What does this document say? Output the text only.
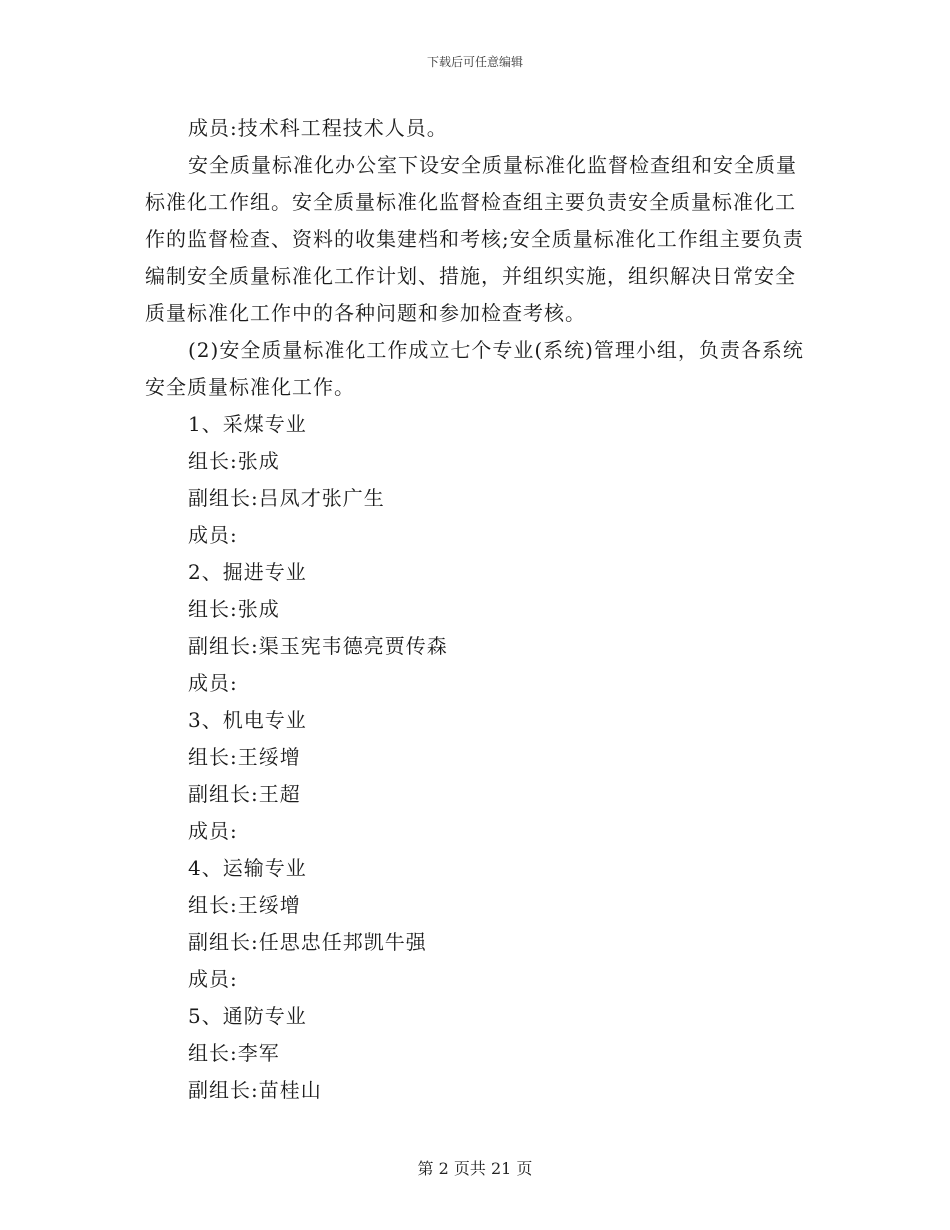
下载后可任意编辑

成员:技术科工程技术人员。

安全质量标准化办公室下设安全质量标准化监督检查组和安全质量标准化工作组。安全质量标准化监督检查组主要负责安全质量标准化工作的监督检查、资料的收集建档和考核;安全质量标准化工作组主要负责编制安全质量标准化工作计划、措施，并组织实施，组织解决日常安全质量标准化工作中的各种问题和参加检查考核。

(2)安全质量标准化工作成立七个专业(系统)管理小组，负责各系统安全质量标准化工作。

1、采煤专业

组长:张成

副组长:吕凤才张广生

成员:

2、掘进专业

组长:张成

副组长:渠玉宪韦德亮贾传森

成员:

3、机电专业

组长:王绥增

副组长:王超

成员:

4、运输专业

组长:王绥增

副组长:任思忠任邦凯牛强

成员:

5、通防专业

组长:李军

副组长:苗桂山

第 2 页共 21 页
